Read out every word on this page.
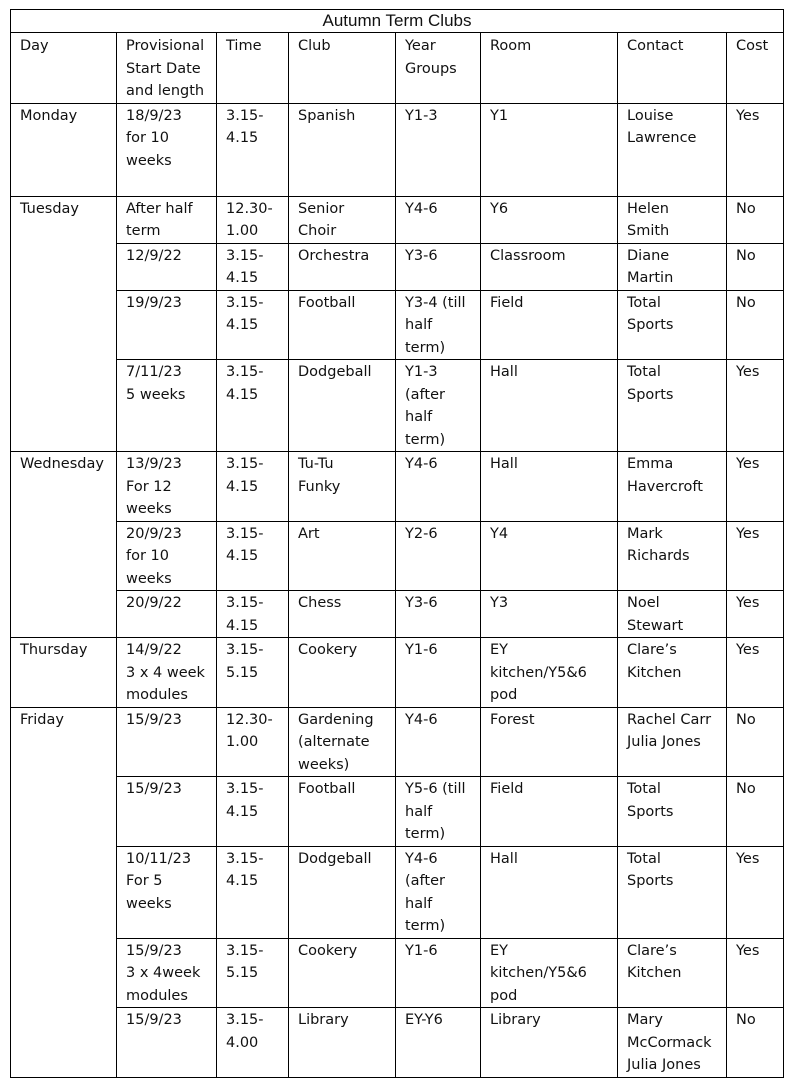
Autumn Term Clubs							
Day	Provisional Start Date and length	Time	Club	Year Groups	Room	Contact	Cost
Monday	18/9/23
for 10
weeks	3.15-
4.15	Spanish	Y1-3	Y1	Louise
Lawrence	Yes
Tuesday	After half
term	12.30-
1.00	Senior
Choir	Y4-6	Y6	Helen
Smith	No
	12/9/22	3.15-
4.15	Orchestra	Y3-6	Classroom	Diane
Martin	No
	19/9/23	3.15-
4.15	Football	Y3-4 (till
half
term)	Field	Total
Sports	No
	7/11/23
5 weeks	3.15-
4.15	Dodgeball	Y1-3
(after
half
term)	Hall	Total
Sports	Yes
Wednesday	13/9/23
For 12
weeks	3.15-
4.15	Tu-Tu
Funky	Y4-6	Hall	Emma
Havercroft	Yes
	20/9/23
for 10
weeks	3.15-
4.15	Art	Y2-6	Y4	Mark
Richards	Yes
	20/9/22	3.15-
4.15	Chess	Y3-6	Y3	Noel
Stewart	Yes
Thursday	14/9/22
3 x 4 week
modules	3.15-
5.15	Cookery	Y1-6	EY
kitchen/Y5&6
pod	Clare’s
Kitchen	Yes
Friday	15/9/23	12.30-
1.00	Gardening
(alternate
weeks)	Y4-6	Forest	Rachel Carr
Julia Jones	No
	15/9/23	3.15-
4.15	Football	Y5-6 (till
half
term)	Field	Total
Sports	No
	10/11/23
For 5
weeks	3.15-
4.15	Dodgeball	Y4-6
(after
half
term)	Hall	Total
Sports	Yes
	15/9/23
3 x 4week
modules	3.15-
5.15	Cookery	Y1-6	EY
kitchen/Y5&6
pod	Clare’s
Kitchen	Yes
	15/9/23	3.15-
4.00	Library	EY-Y6	Library	Mary
McCormack
Julia Jones	No
